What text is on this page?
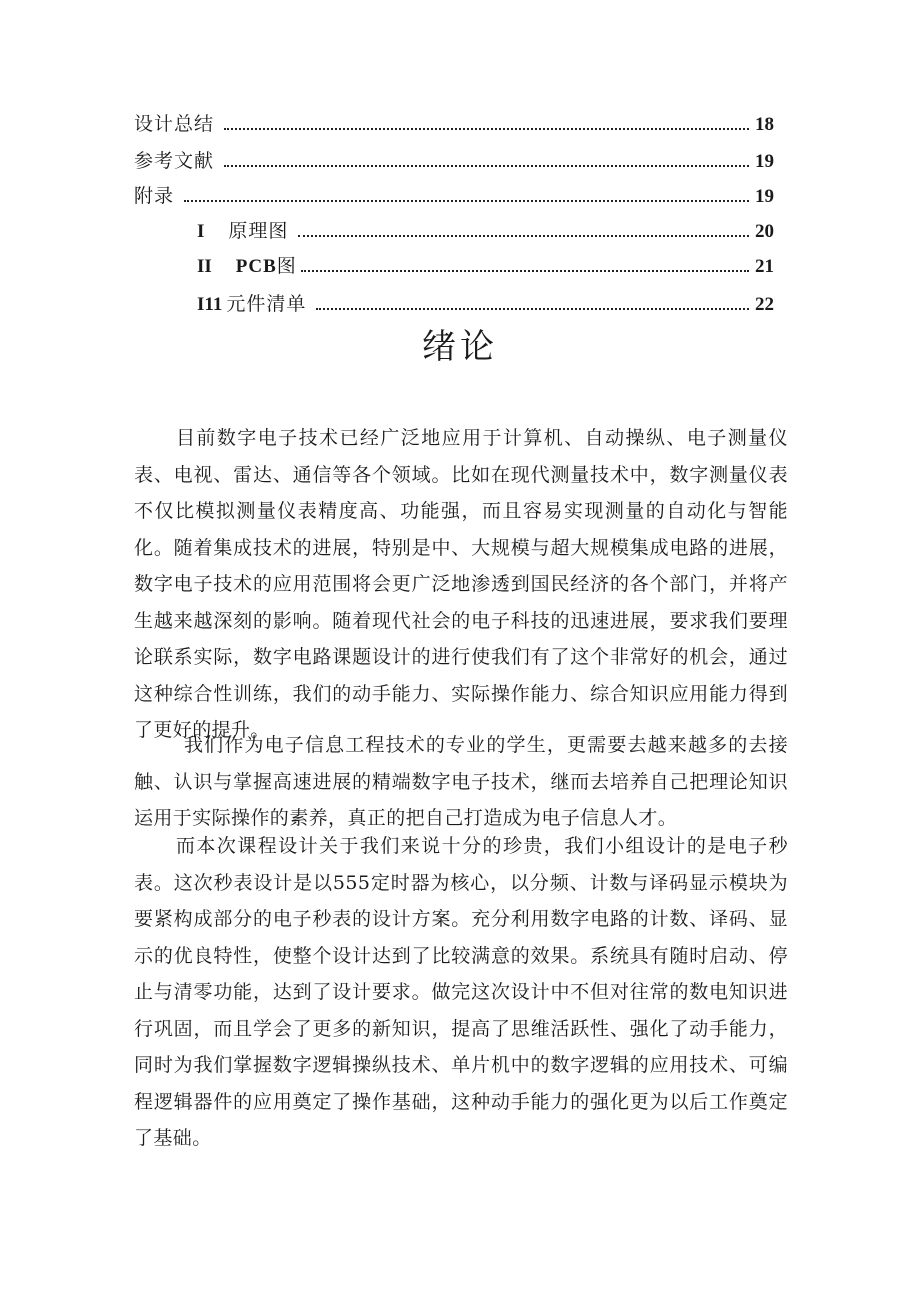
设计总结	18
参考文献	19
附录	19
I 原理图	20
II PCB 图	21
I11 元件清单	22
绪论

目前数字电子技术已经广泛地应用于计算机、自动操纵、电子测量仪表、电视、雷达、通信等各个领域。比如在现代测量技术中，数字测量仪表不仅比模拟测量仪表精度高、功能强，而且容易实现测量的自动化与智能化。随着集成技术的进展，特别是中、大规模与超大规模集成电路的进展，数字电子技术的应用范围将会更广泛地渗透到国民经济的各个部门，并将产生越来越深刻的影响。随着现代社会的电子科技的迅速进展，要求我们要理论联系实际，数字电路课题设计的进行使我们有了这个非常好的机会，通过这种综合性训练，我们的动手能力、实际操作能力、综合知识应用能力得到了更好的提升。

我们作为电子信息工程技术的专业的学生，更需要去越来越多的去接触、认识与掌握高速进展的精端数字电子技术，继而去培养自己把理论知识运用于实际操作的素养，真正的把自己打造成为电子信息人才。

而本次课程设计关于我们来说十分的珍贵，我们小组设计的是电子秒表。这次秒表设计是以555定时器为核心，以分频、计数与译码显示模块为要紧构成部分的电子秒表的设计方案。充分利用数字电路的计数、译码、显示的优良特性，使整个设计达到了比较满意的效果。系统具有随时启动、停止与清零功能，达到了设计要求。做完这次设计中不但对往常的数电知识进行巩固，而且学会了更多的新知识，提高了思维活跃性、强化了动手能力，同时为我们掌握数字逻辑操纵技术、单片机中的数字逻辑的应用技术、可编程逻辑器件的应用奠定了操作基础，这种动手能力的强化更为以后工作奠定了基础。
